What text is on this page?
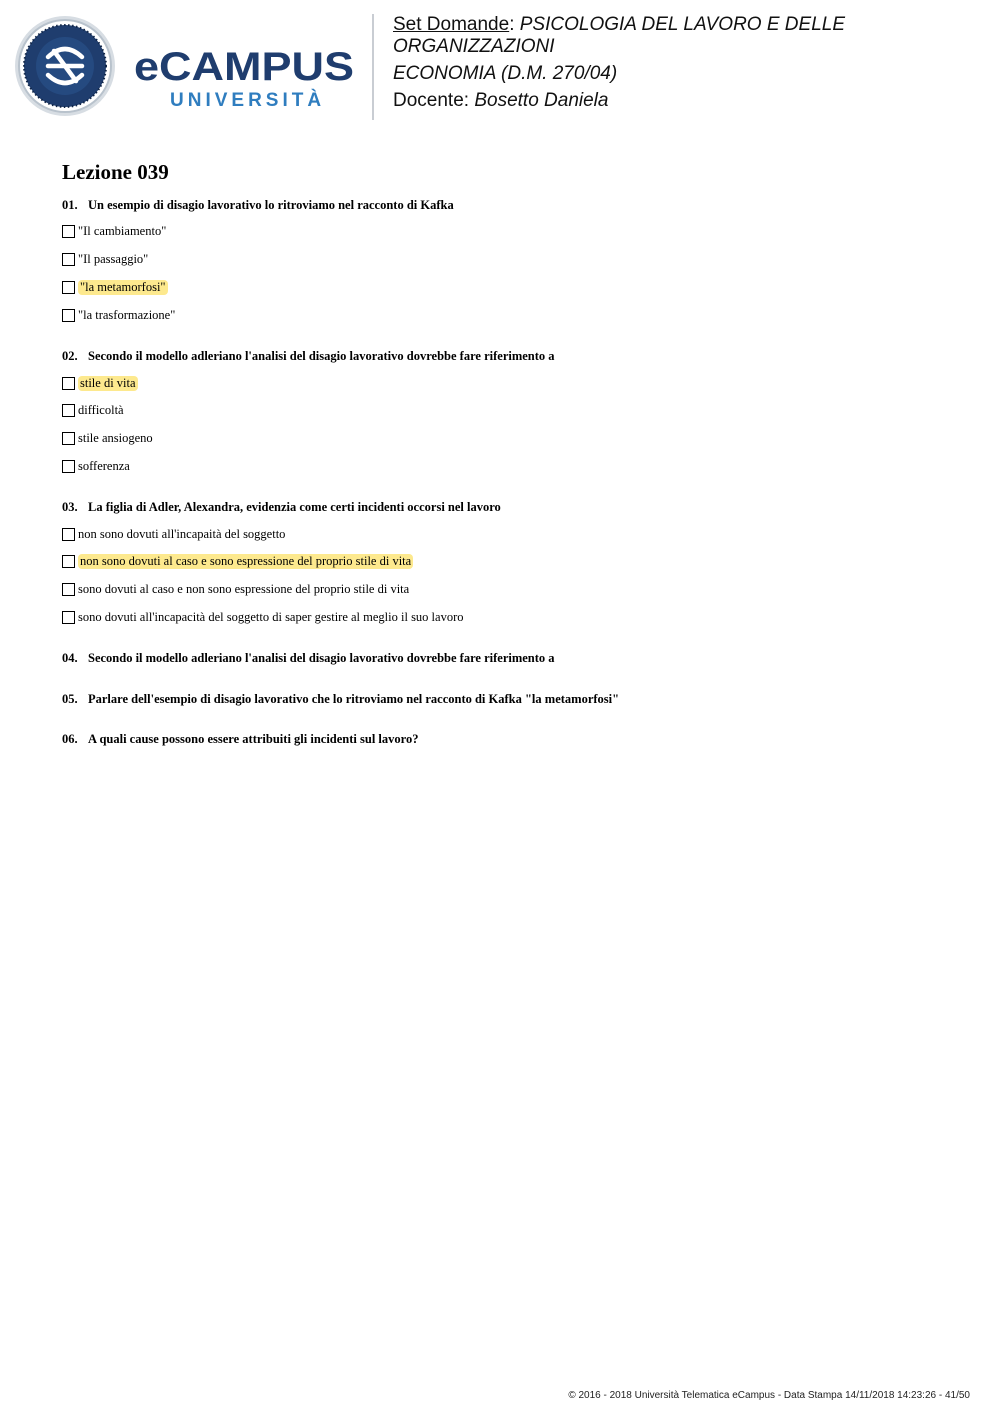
eCAMPUS
UNIVERSITÀ

Set Domande: PSICOLOGIA DEL LAVORO E DELLE

ORGANIZZAZIONI

ECONOMIA (D.M. 270/04)

Docente: Bosetto Daniela

Lezione 039
01. Un esempio di disagio lavorativo lo ritroviamo nel racconto di Kafka
"Il cambiamento"
"Il passaggio"
"la metamorfosi"
"la trasformazione"
02. Secondo il modello adleriano l'analisi del disagio lavorativo dovrebbe fare riferimento a
stile di vita
difficoltà
stile ansiogeno
sofferenza
03. La figlia di Adler, Alexandra, evidenzia come certi incidenti occorsi nel lavoro
non sono dovuti all'incapaità del soggetto
non sono dovuti al caso e sono espressione del proprio stile di vita
sono dovuti al caso e non sono espressione del proprio stile di vita
sono dovuti all'incapacità del soggetto di saper gestire al meglio il suo lavoro
04. Secondo il modello adleriano l'analisi del disagio lavorativo dovrebbe fare riferimento a
05. Parlare dell'esempio di disagio lavorativo che lo ritroviamo nel racconto di Kafka "la metamorfosi"
06. A quali cause possono essere attribuiti gli incidenti sul lavoro?
© 2016 - 2018 Università Telematica eCampus - Data Stampa 14/11/2018 14:23:26 - 41/50
